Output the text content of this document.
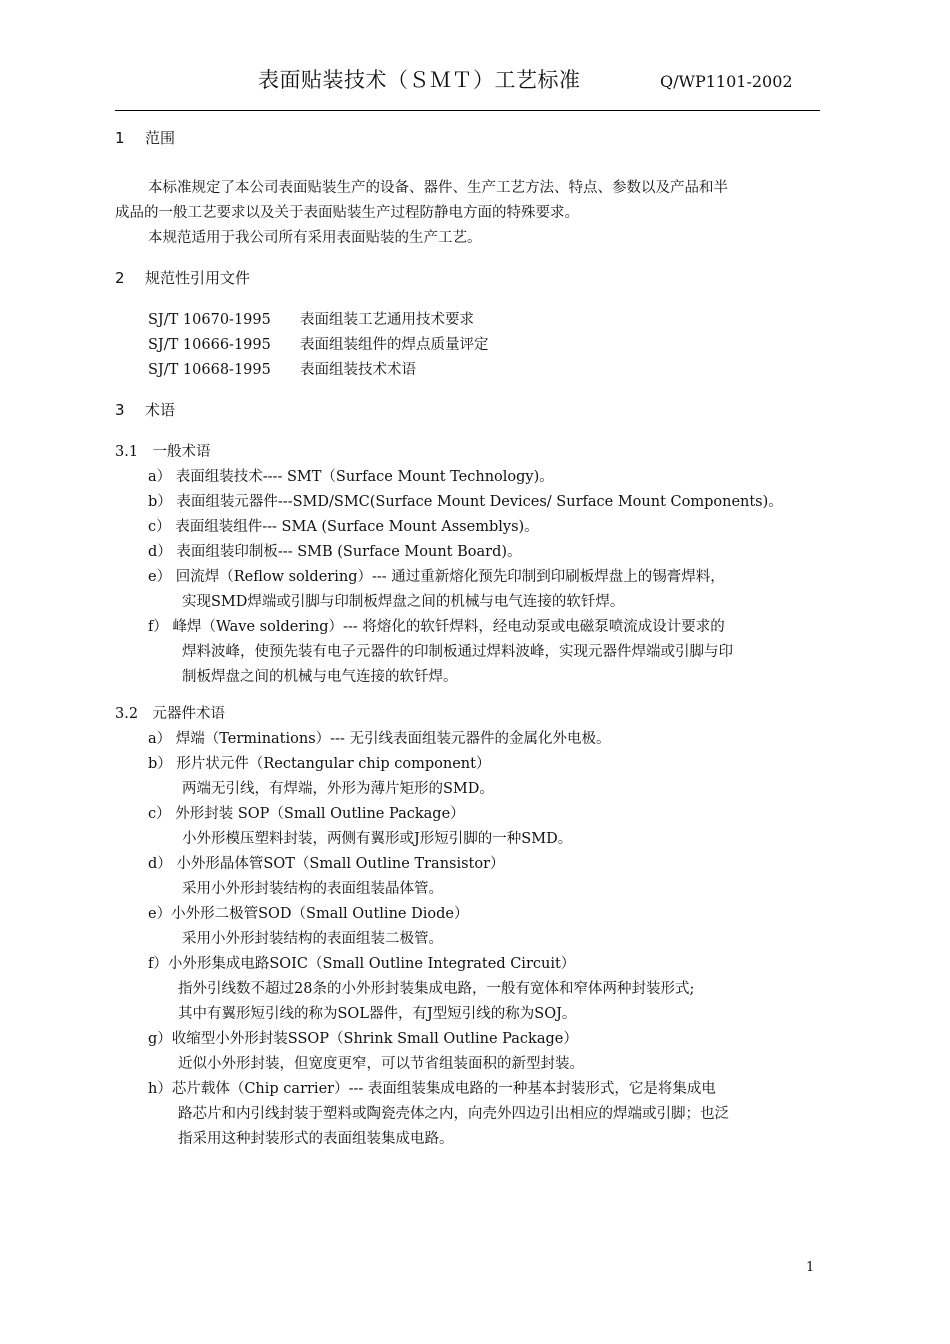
表面贴装技术（ＳＭＴ）工艺标准	Q/WP1101-2002
1 范围
本标准规定了本公司表面贴装生产的设备、器件、生产工艺方法、特点、参数以及产品和半
成品的一般工艺要求以及关于表面贴装生产过程防静电方面的特殊要求。
本规范适用于我公司所有采用表面贴装的生产工艺。
2 规范性引用文件
SJ/T 10670-1995 表面组装工艺通用技术要求
SJ/T 10666-1995 表面组装组件的焊点质量评定
SJ/T 10668-1995 表面组装技术术语
3 术语
3.1　一般术语
a） 表面组装技术---- SMT（Surface Mount Technology)。
b） 表面组装元器件---SMD/SMC(Surface Mount Devices/ Surface Mount Components)。
c） 表面组装组件--- SMA (Surface Mount Assemblys)。
d） 表面组装印制板--- SMB (Surface Mount Board)。
e） 回流焊（Reflow soldering）--- 通过重新熔化预先印制到印刷板焊盘上的锡膏焊料，
实现SMD焊端或引脚与印制板焊盘之间的机械与电气连接的软钎焊。
f） 峰焊（Wave soldering）--- 将熔化的软钎焊料，经电动泵或电磁泵喷流成设计要求的
焊料波峰，使预先装有电子元器件的印制板通过焊料波峰，实现元器件焊端或引脚与印
制板焊盘之间的机械与电气连接的软钎焊。
3.2　元器件术语
a） 焊端（Terminations）--- 无引线表面组装元器件的金属化外电极。
b） 形片状元件（Rectangular chip component）
两端无引线，有焊端，外形为薄片矩形的SMD。
c） 外形封装 SOP（Small Outline Package）
小外形模压塑料封装，两侧有翼形或J形短引脚的一种SMD。
d） 小外形晶体管SOT（Small Outline Transistor）
采用小外形封装结构的表面组装晶体管。
e）小外形二极管SOD（Small Outline Diode）
采用小外形封装结构的表面组装二极管。
f）小外形集成电路SOIC（Small Outline Integrated Circuit）
指外引线数不超过28条的小外形封装集成电路，一般有宽体和窄体两种封装形式;
其中有翼形短引线的称为SOL器件，有J型短引线的称为SOJ。
g）收缩型小外形封装SSOP（Shrink Small Outline Package）
近似小外形封装，但宽度更窄，可以节省组装面积的新型封装。
h）芯片载体（Chip carrier）--- 表面组装集成电路的一种基本封装形式，它是将集成电
路芯片和内引线封装于塑料或陶瓷壳体之内，向壳外四边引出相应的焊端或引脚；也泛
指采用这种封装形式的表面组装集成电路。
1
